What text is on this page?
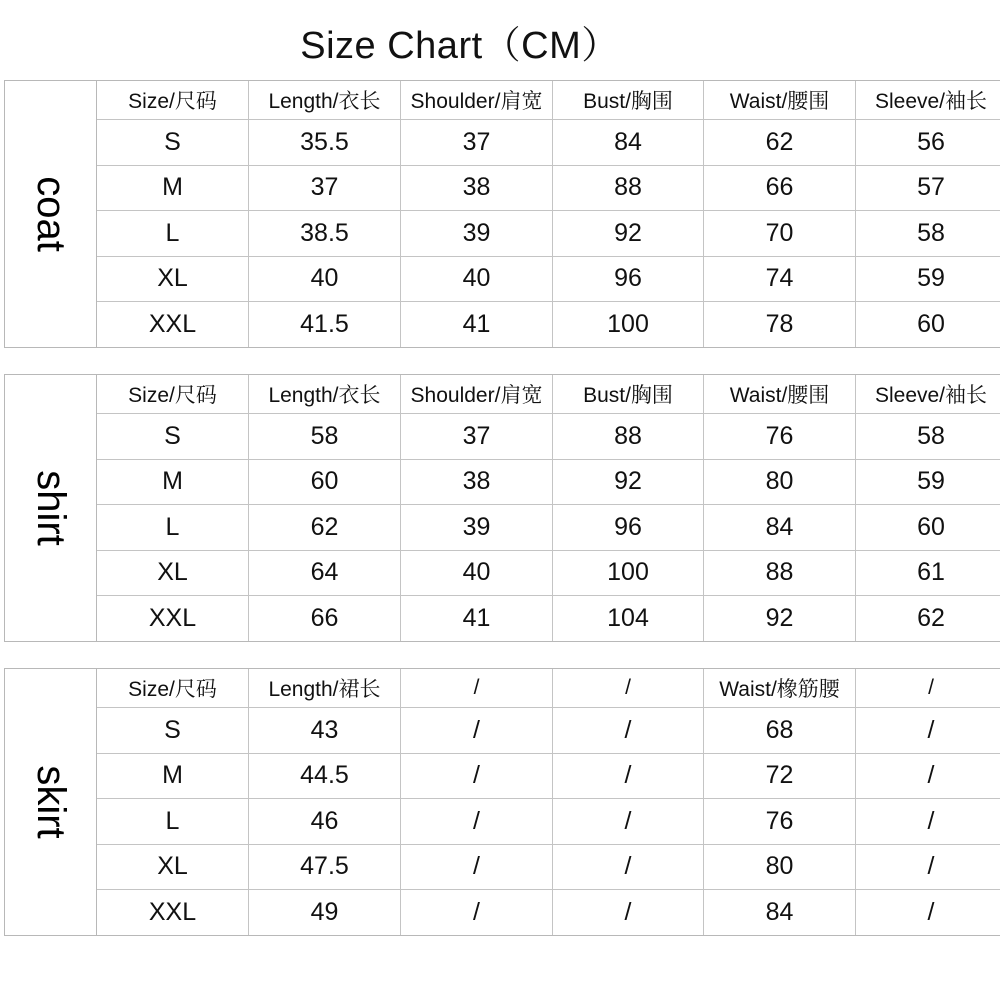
Size Chart（CM）
coat
Size/尺码	Length/衣长	Shoulder/肩宽	Bust/胸围	Waist/腰围	Sleeve/袖长
S	35.5	37	84	62	56
M	37	38	88	66	57
L	38.5	39	92	70	58
XL	40	40	96	74	59
XXL	41.5	41	100	78	60
shirt
Size/尺码	Length/衣长	Shoulder/肩宽	Bust/胸围	Waist/腰围	Sleeve/袖长
S	58	37	88	76	58
M	60	38	92	80	59
L	62	39	96	84	60
XL	64	40	100	88	61
XXL	66	41	104	92	62
skirt
Size/尺码	Length/裙长	/	/	Waist/橡筋腰	/
S	43	/	/	68	/
M	44.5	/	/	72	/
L	46	/	/	76	/
XL	47.5	/	/	80	/
XXL	49	/	/	84	/
